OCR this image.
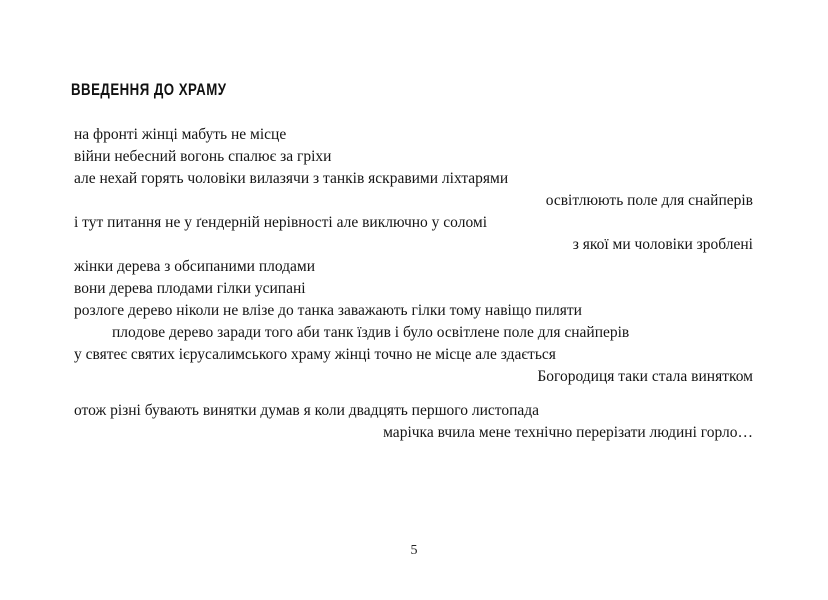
ВВЕДЕННЯ ДО ХРАМУ
на фронті жінці мабуть не місце
війни небесний вогонь спалює за гріхи
але нехай горять чоловіки вилазячи з танків яскравими ліхтарями
освітлюють поле для снайперів
і тут питання не у ґендерній нерівності але виключно у соломі
з якої ми чоловіки зроблені
жінки дерева з обсипаними плодами
вони дерева плодами гілки усипані
розлоге дерево ніколи не влізе до танка заважають гілки тому навіщо пиляти
плодове дерево заради того аби танк їздив і було освітлене поле для снайперів
у святеє святих ієрусалимського храму жінці точно не місце але здається
Богородиця таки стала винятком
отож різні бувають винятки думав я коли двадцять першого листопада
марічка вчила мене технічно перерізати людині горло…
5
